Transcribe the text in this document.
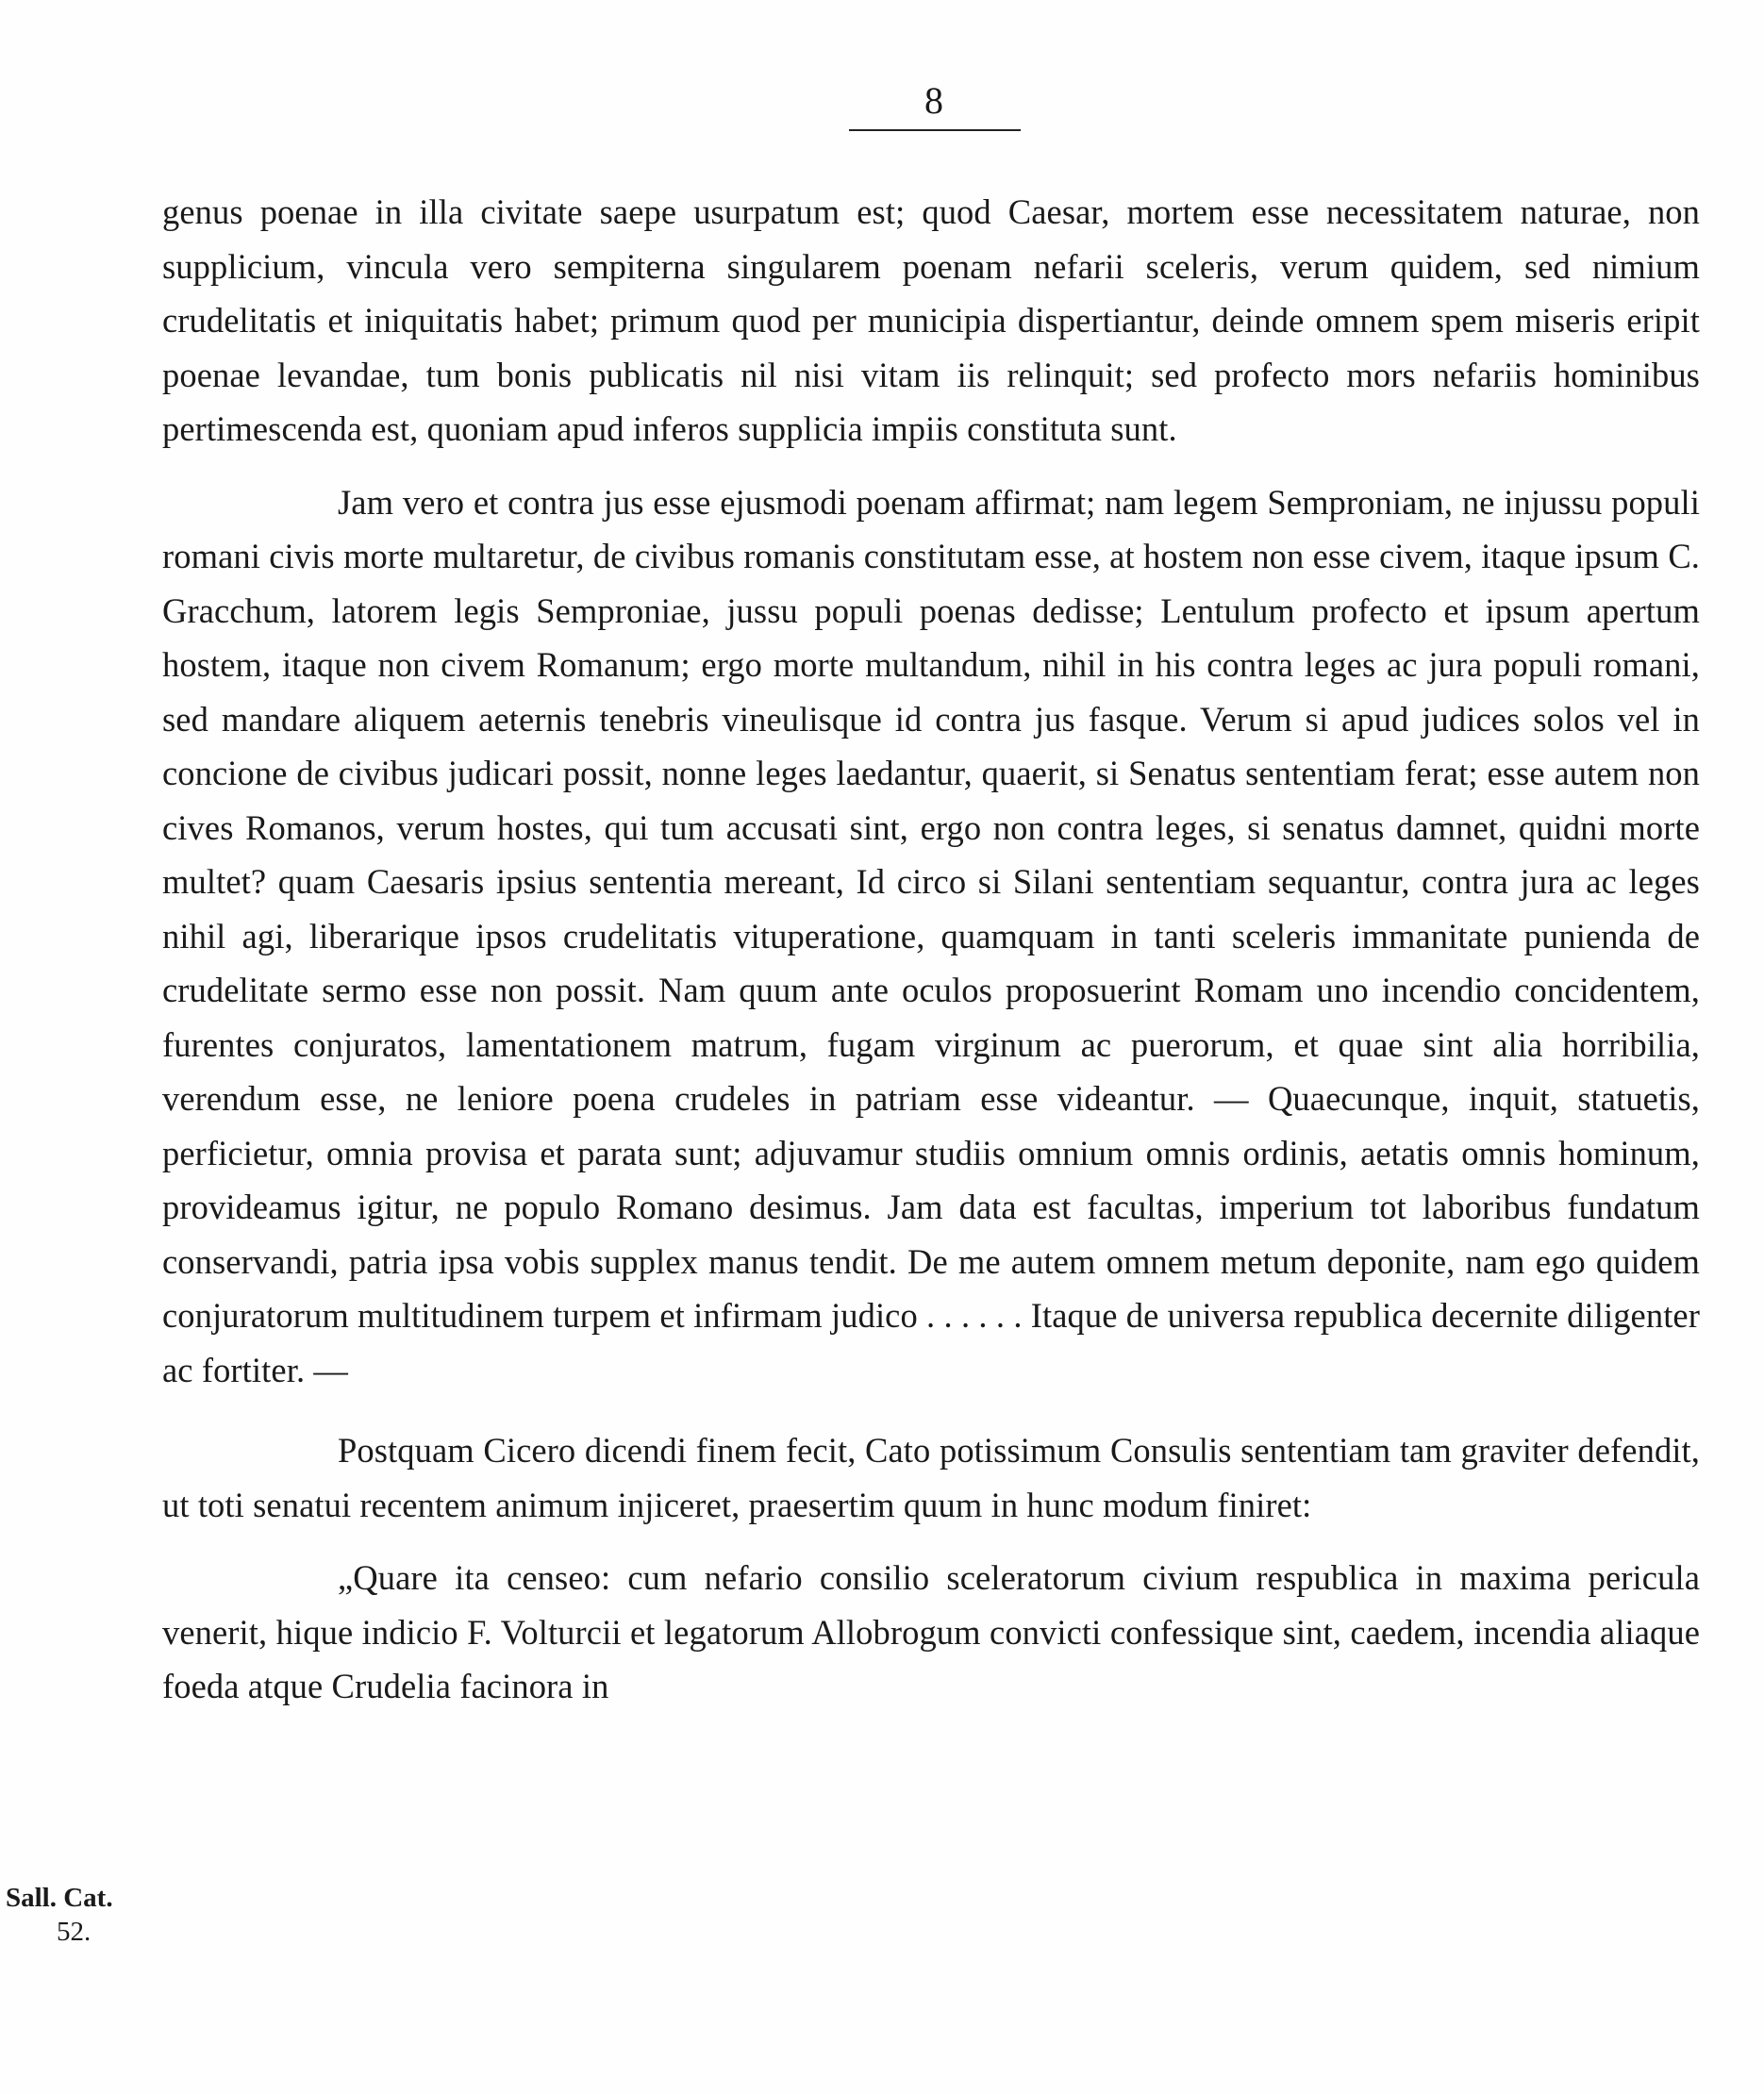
8

genus poenae in illa civitate saepe usurpatum est; quod Caesar, mortem esse necessitatem naturae, non supplicium, vincula vero sempiterna singularem poenam nefarii sceleris, verum quidem, sed nimium crudelitatis et iniquitatis habet; primum quod per municipia dispertiantur, deinde omnem spem miseris eripit poenae levandae, tum bonis publicatis nil nisi vitam iis relinquit; sed profecto mors nefariis hominibus pertimescenda est, quoniam apud inferos supplicia impiis constituta sunt.

Jam vero et contra jus esse ejusmodi poenam affirmat; nam legem Semproniam, ne injussu populi romani civis morte multaretur, de civibus romanis constitutam esse, at hostem non esse civem, itaque ipsum C. Gracchum, latorem legis Semproniae, jussu populi poenas dedisse; Lentulum profecto et ipsum apertum hostem, itaque non civem Romanum; ergo morte multandum, nihil in his contra leges ac jura populi romani, sed mandare aliquem aeternis tenebris vineulisque id contra jus fasque. Verum si apud judices solos vel in concione de civibus judicari possit, nonne leges laedantur, quaerit, si Senatus sententiam ferat; esse autem non cives Romanos, verum hostes, qui tum accusati sint, ergo non contra leges, si senatus damnet, quidni morte multet? quam Caesaris ipsius sententia mereant, Id circo si Silani sententiam sequantur, contra jura ac leges nihil agi, liberarique ipsos crudelitatis vituperatione, quamquam in tanti sceleris immanitate punienda de crudelitate sermo esse non possit. Nam quum ante oculos proposuerint Romam uno incendio concidentem, furentes conjuratos, lamentationem matrum, fugam virginum ac puerorum, et quae sint alia horribilia, verendum esse, ne leniore poena crudeles in patriam esse videantur. — Quaecunque, inquit, statuetis, perficietur, omnia provisa et parata sunt; adjuvamur studiis omnium omnis ordinis, aetatis omnis hominum, provideamus igitur, ne populo Romano desimus. Jam data est facultas, imperium tot laboribus fundatum conservandi, patria ipsa vobis supplex manus tendit. De me autem omnem metum deponite, nam ego quidem conjuratorum multitudinem turpem et infirmam judico . . . . . . Itaque de universa republica decernite diligenter ac fortiter. —

Postquam Cicero dicendi finem fecit, Cato potissimum Consulis sententiam tam graviter defendit, ut toti senatui recentem animum injiceret, praesertim quum in hunc modum finiret:

„Quare ita censeo: cum nefario consilio sceleratorum civium respublica in maxima pericula venerit, hique indicio F. Volturcii et legatorum Allobrogum convicti confessique sint, caedem, incendia aliaque foeda atque Crudelia facinora in

Sall. Cat.
52.
